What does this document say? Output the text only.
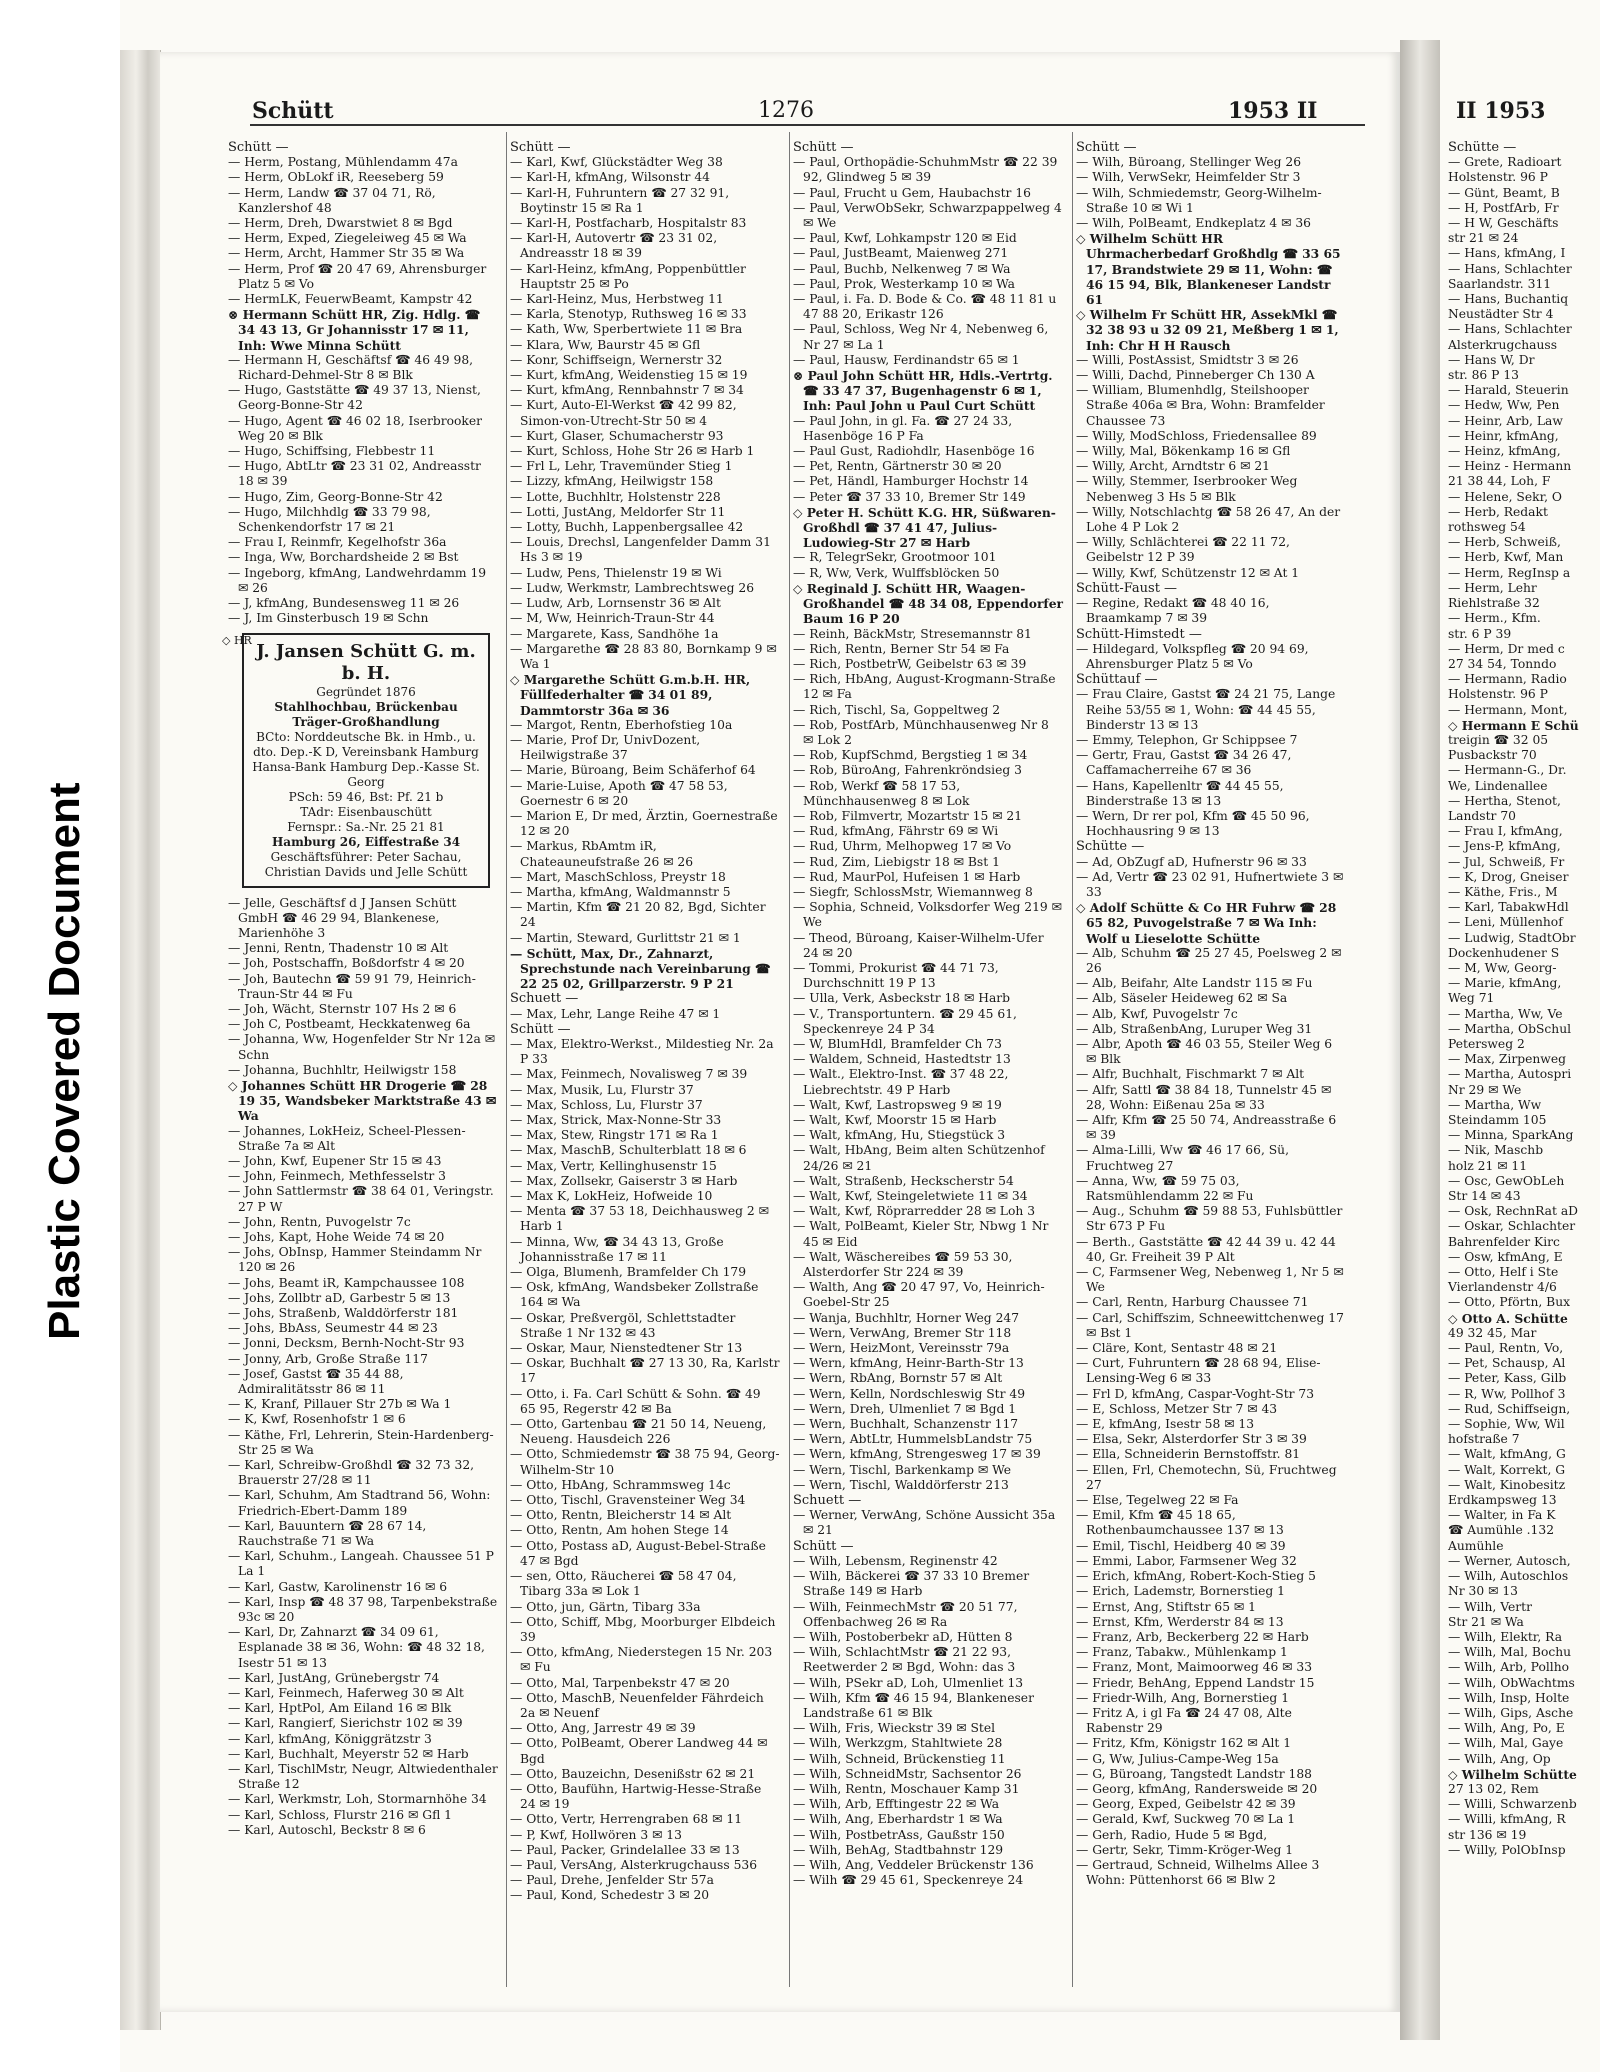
Plastic Covered Document
Schütt	1276	1953 II
Schütt —
— Herm, Postang, Mühlendamm 47a
— Herm, ObLokf iR, Reeseberg 59
— Herm, Landw ☎ 37 04 71, Rö, Kanzlershof 48
— Herm, Dreh, Dwarstwiet 8 ✉ Bgd
— Herm, Exped, Ziegeleiweg 45 ✉ Wa
— Herm, Archt, Hammer Str 35 ✉ Wa
— Herm, Prof ☎ 20 47 69, Ahrensburger Platz 5 ✉ Vo
— HermLK, FeuerwBeamt, Kampstr 42
⊗ Hermann Schütt HR, Zig. Hdlg. ☎ 34 43 13, Gr Johannisstr 17 ✉ 11, Inh: Wwe Minna Schütt
— Hermann H, Geschäftsf ☎ 46 49 98, Richard-Dehmel-Str 8 ✉ Blk
— Hugo, Gaststätte ☎ 49 37 13, Nienst, Georg-Bonne-Str 42
— Hugo, Agent ☎ 46 02 18, Iserbrooker Weg 20 ✉ Blk
— Hugo, Schiffsing, Flebbestr 11
— Hugo, AbtLtr ☎ 23 31 02, Andreasstr 18 ✉ 39
— Hugo, Zim, Georg-Bonne-Str 42
— Hugo, Milchhdlg ☎ 33 79 98, Schenkendorfstr 17 ✉ 21
— Frau I, Reinmfr, Kegelhofstr 36a
— Inga, Ww, Borchardsheide 2 ✉ Bst
— Ingeborg, kfmAng, Landwehrdamm 19 ✉ 26
— J, kfmAng, Bundesensweg 11 ✉ 26
— J, Im Ginsterbusch 19 ✉ Schn
◇ HR
J. Jansen Schütt G. m. b. H.
Gegründet 1876
Stahlhochbau, Brückenbau
Träger-Großhandlung
BCto: Norddeutsche Bk. in Hmb., u. dto. Dep.-K D, Vereinsbank Hamburg
Hansa-Bank Hamburg Dep.-Kasse St. Georg
PSch: 59 46, Bst: Pf. 21 b
TAdr: Eisenbauschütt
Fernspr.: Sa.-Nr. 25 21 81
Hamburg 26, Eiffestraße 34
Geschäftsführer: Peter Sachau, Christian Davids und Jelle Schütt
— Jelle, Geschäftsf d J Jansen Schütt GmbH ☎ 46 29 94, Blankenese, Marienhöhe 3
— Jenni, Rentn, Thadenstr 10 ✉ Alt
— Joh, Postschaffn, Boßdorfstr 4 ✉ 20
— Joh, Bautechn ☎ 59 91 79, Heinrich-Traun-Str 44 ✉ Fu
— Joh, Wächt, Sternstr 107 Hs 2 ✉ 6
— Joh C, Postbeamt, Heckkatenweg 6a
— Johanna, Ww, Hogenfelder Str Nr 12a ✉ Schn
— Johanna, Buchhltr, Heilwigstr 158
◇ Johannes Schütt HR Drogerie ☎ 28 19 35, Wandsbeker Marktstraße 43 ✉ Wa
— Johannes, LokHeiz, Scheel-Plessen-Straße 7a ✉ Alt
— John, Kwf, Eupener Str 15 ✉ 43
— John, Feinmech, Methfesselstr 3
— John Sattlermstr ☎ 38 64 01, Veringstr. 27 P W
— John, Rentn, Puvogelstr 7c
— Johs, Kapt, Hohe Weide 74 ✉ 20
— Johs, ObInsp, Hammer Steindamm Nr 120 ✉ 26
— Johs, Beamt iR, Kampchaussee 108
— Johs, Zollbtr aD, Garbestr 5 ✉ 13
— Johs, Straßenb, Walddörferstr 181
— Johs, BbAss, Seumestr 44 ✉ 23
— Jonni, Decksm, Bernh-Nocht-Str 93
— Jonny, Arb, Große Straße 117
— Josef, Gastst ☎ 35 44 88, Admiralitätsstr 86 ✉ 11
— K, Kranf, Pillauer Str 27b ✉ Wa 1
— K, Kwf, Rosenhofstr 1 ✉ 6
— Käthe, Frl, Lehrerin, Stein-Hardenberg-Str 25 ✉ Wa
— Karl, Schreibw-Großhdl ☎ 32 73 32, Brauerstr 27/28 ✉ 11
— Karl, Schuhm, Am Stadtrand 56, Wohn: Friedrich-Ebert-Damm 189
— Karl, Bauuntern ☎ 28 67 14, Rauchstraße 71 ✉ Wa
— Karl, Schuhm., Langeah. Chaussee 51 P La 1
— Karl, Gastw, Karolinenstr 16 ✉ 6
— Karl, Insp ☎ 48 37 98, Tarpenbekstraße 93c ✉ 20
— Karl, Dr, Zahnarzt ☎ 34 09 61, Esplanade 38 ✉ 36, Wohn: ☎ 48 32 18, Isestr 51 ✉ 13
— Karl, JustAng, Grünebergstr 74
— Karl, Feinmech, Haferweg 30 ✉ Alt
— Karl, HptPol, Am Eiland 16 ✉ Blk
— Karl, Rangierf, Sierichstr 102 ✉ 39
— Karl, kfmAng, Königgrätzstr 3
— Karl, Buchhalt, Meyerstr 52 ✉ Harb
— Karl, TischlMstr, Neugr, Altwiedenthaler Straße 12
— Karl, Werkmstr, Loh, Stormarnhöhe 34
— Karl, Schloss, Flurstr 216 ✉ Gfl 1
— Karl, Autoschl, Beckstr 8 ✉ 6
Schütt —
— Karl, Kwf, Glückstädter Weg 38
— Karl-H, kfmAng, Wilsonstr 44
— Karl-H, Fuhruntern ☎ 27 32 91, Boytinstr 15 ✉ Ra 1
— Karl-H, Postfacharb, Hospitalstr 83
— Karl-H, Autovertr ☎ 23 31 02, Andreasstr 18 ✉ 39
— Karl-Heinz, kfmAng, Poppenbüttler Hauptstr 25 ✉ Po
— Karl-Heinz, Mus, Herbstweg 11
— Karla, Stenotyp, Ruthsweg 16 ✉ 33
— Kath, Ww, Sperbertwiete 11 ✉ Bra
— Klara, Ww, Baurstr 45 ✉ Gfl
— Konr, Schiffseign, Wernerstr 32
— Kurt, kfmAng, Weidenstieg 15 ✉ 19
— Kurt, kfmAng, Rennbahnstr 7 ✉ 34
— Kurt, Auto-El-Werkst ☎ 42 99 82, Simon-von-Utrecht-Str 50 ✉ 4
— Kurt, Glaser, Schumacherstr 93
— Kurt, Schloss, Hohe Str 26 ✉ Harb 1
— Frl L, Lehr, Travemünder Stieg 1
— Lizzy, kfmAng, Heilwigstr 158
— Lotte, Buchhltr, Holstenstr 228
— Lotti, JustAng, Meldorfer Str 11
— Lotty, Buchh, Lappenbergsallee 42
— Louis, Drechsl, Langenfelder Damm 31 Hs 3 ✉ 19
— Ludw, Pens, Thielenstr 19 ✉ Wi
— Ludw, Werkmstr, Lambrechtsweg 26
— Ludw, Arb, Lornsenstr 36 ✉ Alt
— M, Ww, Heinrich-Traun-Str 44
— Margarete, Kass, Sandhöhe 1a
— Margarethe ☎ 28 83 80, Bornkamp 9 ✉ Wa 1
◇ Margarethe Schütt G.m.b.H. HR, Füllfederhalter ☎ 34 01 89, Dammtorstr 36a ✉ 36
— Margot, Rentn, Eberhofstieg 10a
— Marie, Prof Dr, UnivDozent, Heilwigstraße 37
— Marie, Büroang, Beim Schäferhof 64
— Marie-Luise, Apoth ☎ 47 58 53, Goernestr 6 ✉ 20
— Marion E, Dr med, Ärztin, Goernestraße 12 ✉ 20
— Markus, RbAmtm iR, Chateauneufstraße 26 ✉ 26
— Mart, MaschSchloss, Preystr 18
— Martha, kfmAng, Waldmannstr 5
— Martin, Kfm ☎ 21 20 82, Bgd, Sichter 24
— Martin, Steward, Gurlittstr 21 ✉ 1
— Schütt, Max, Dr., Zahnarzt, Sprechstunde nach Vereinbarung ☎ 22 25 02, Grillparzerstr. 9 P 21
Schuett —
— Max, Lehr, Lange Reihe 47 ✉ 1
Schütt —
— Max, Elektro-Werkst., Mildestieg Nr. 2a P 33
— Max, Feinmech, Novalisweg 7 ✉ 39
— Max, Musik, Lu, Flurstr 37
— Max, Schloss, Lu, Flurstr 37
— Max, Strick, Max-Nonne-Str 33
— Max, Stew, Ringstr 171 ✉ Ra 1
— Max, MaschB, Schulterblatt 18 ✉ 6
— Max, Vertr, Kellinghusenstr 15
— Max, Zollsekr, Gaiserstr 3 ✉ Harb
— Max K, LokHeiz, Hofweide 10
— Menta ☎ 37 53 18, Deichhausweg 2 ✉ Harb 1
— Minna, Ww, ☎ 34 43 13, Große Johannisstraße 17 ✉ 11
— Olga, Blumenh, Bramfelder Ch 179
— Osk, kfmAng, Wandsbeker Zollstraße 164 ✉ Wa
— Oskar, Preßvergöl, Schlettstadter Straße 1 Nr 132 ✉ 43
— Oskar, Maur, Nienstedtener Str 13
— Oskar, Buchhalt ☎ 27 13 30, Ra, Karlstr 17
— Otto, i. Fa. Carl Schütt & Sohn. ☎ 49 65 95, Regerstr 42 ✉ Ba
— Otto, Gartenbau ☎ 21 50 14, Neueng, Neueng. Hausdeich 226
— Otto, Schmiedemstr ☎ 38 75 94, Georg-Wilhelm-Str 10
— Otto, HbAng, Schrammsweg 14c
— Otto, Tischl, Gravensteiner Weg 34
— Otto, Rentn, Bleicherstr 14 ✉ Alt
— Otto, Rentn, Am hohen Stege 14
— Otto, Postass aD, August-Bebel-Straße 47 ✉ Bgd
— sen, Otto, Räucherei ☎ 58 47 04, Tibarg 33a ✉ Lok 1
— Otto, jun, Gärtn, Tibarg 33a
— Otto, Schiff, Mbg, Moorburger Elbdeich 39
— Otto, kfmAng, Niederstegen 15 Nr. 203 ✉ Fu
— Otto, Mal, Tarpenbekstr 47 ✉ 20
— Otto, MaschB, Neuenfelder Fährdeich 2a ✉ Neuenf
— Otto, Ang, Jarrestr 49 ✉ 39
— Otto, PolBeamt, Oberer Landweg 44 ✉ Bgd
— Otto, Bauzeichn, Desenißstr 62 ✉ 21
— Otto, Baufühn, Hartwig-Hesse-Straße 24 ✉ 19
— Otto, Vertr, Herrengraben 68 ✉ 11
— P, Kwf, Hollwören 3 ✉ 13
— Paul, Packer, Grindelallee 33 ✉ 13
— Paul, VersAng, Alsterkrugchauss 536
— Paul, Drehe, Jenfelder Str 57a
— Paul, Kond, Schedestr 3 ✉ 20
Schütt —
— Paul, Orthopädie-SchuhmMstr ☎ 22 39 92, Glindweg 5 ✉ 39
— Paul, Frucht u Gem, Haubachstr 16
— Paul, VerwObSekr, Schwarzpappelweg 4 ✉ We
— Paul, Kwf, Lohkampstr 120 ✉ Eid
— Paul, JustBeamt, Maienweg 271
— Paul, Buchb, Nelkenweg 7 ✉ Wa
— Paul, Prok, Westerkamp 10 ✉ Wa
— Paul, i. Fa. D. Bode & Co. ☎ 48 11 81 u 47 88 20, Erikastr 126
— Paul, Schloss, Weg Nr 4, Nebenweg 6, Nr 27 ✉ La 1
— Paul, Hausw, Ferdinandstr 65 ✉ 1
⊗ Paul John Schütt HR, Hdls.-Vertrtg. ☎ 33 47 37, Bugenhagenstr 6 ✉ 1, Inh: Paul John u Paul Curt Schütt
— Paul John, in gl. Fa. ☎ 27 24 33, Hasenböge 16 P Fa
— Paul Gust, Radiohdlr, Hasenböge 16
— Pet, Rentn, Gärtnerstr 30 ✉ 20
— Pet, Händl, Hamburger Hochstr 14
— Peter ☎ 37 33 10, Bremer Str 149
◇ Peter H. Schütt K.G. HR, Süßwaren-Großhdl ☎ 37 41 47, Julius-Ludowieg-Str 27 ✉ Harb
— R, TelegrSekr, Grootmoor 101
— R, Ww, Verk, Wulffsblöcken 50
◇ Reginald J. Schütt HR, Waagen-Großhandel ☎ 48 34 08, Eppendorfer Baum 16 P 20
— Reinh, BäckMstr, Stresemannstr 81
— Rich, Rentn, Berner Str 54 ✉ Fa
— Rich, PostbetrW, Geibelstr 63 ✉ 39
— Rich, HbAng, August-Krogmann-Straße 12 ✉ Fa
— Rich, Tischl, Sa, Goppeltweg 2
— Rob, PostfArb, Münchhausenweg Nr 8 ✉ Lok 2
— Rob, KupfSchmd, Bergstieg 1 ✉ 34
— Rob, BüroAng, Fahrenkröndsieg 3
— Rob, Werkf ☎ 58 17 53, Münchhausenweg 8 ✉ Lok
— Rob, Filmvertr, Mozartstr 15 ✉ 21
— Rud, kfmAng, Fährstr 69 ✉ Wi
— Rud, Uhrm, Melhopweg 17 ✉ Vo
— Rud, Zim, Liebigstr 18 ✉ Bst 1
— Rud, MaurPol, Hufeisen 1 ✉ Harb
— Siegfr, SchlossMstr, Wiemannweg 8
— Sophia, Schneid, Volksdorfer Weg 219 ✉ We
— Theod, Büroang, Kaiser-Wilhelm-Ufer 24 ✉ 20
— Tommi, Prokurist ☎ 44 71 73, Durchschnitt 19 P 13
— Ulla, Verk, Asbeckstr 18 ✉ Harb
— V., Transportuntern. ☎ 29 45 61, Speckenreye 24 P 34
— W, BlumHdl, Bramfelder Ch 73
— Waldem, Schneid, Hastedtstr 13
— Walt., Elektro-Inst. ☎ 37 48 22, Liebrechtstr. 49 P Harb
— Walt, Kwf, Lastropsweg 9 ✉ 19
— Walt, Kwf, Moorstr 15 ✉ Harb
— Walt, kfmAng, Hu, Stiegstück 3
— Walt, HbAng, Beim alten Schützenhof 24/26 ✉ 21
— Walt, Straßenb, Heckscherstr 54
— Walt, Kwf, Steingeletwiete 11 ✉ 34
— Walt, Kwf, Röprarredder 28 ✉ Loh 3
— Walt, PolBeamt, Kieler Str, Nbwg 1 Nr 45 ✉ Eid
— Walt, Wäschereibes ☎ 59 53 30, Alsterdorfer Str 224 ✉ 39
— Walth, Ang ☎ 20 47 97, Vo, Heinrich-Goebel-Str 25
— Wanja, Buchhltr, Horner Weg 247
— Wern, VerwAng, Bremer Str 118
— Wern, HeizMont, Vereinsstr 79a
— Wern, kfmAng, Heinr-Barth-Str 13
— Wern, RbAng, Bornstr 57 ✉ Alt
— Wern, Kelln, Nordschleswig Str 49
— Wern, Dreh, Ulmenliet 7 ✉ Bgd 1
— Wern, Buchhalt, Schanzenstr 117
— Wern, AbtLtr, HummelsbLandstr 75
— Wern, kfmAng, Strengesweg 17 ✉ 39
— Wern, Tischl, Barkenkamp ✉ We
— Wern, Tischl, Walddörferstr 213
Schuett —
— Werner, VerwAng, Schöne Aussicht 35a ✉ 21
Schütt —
— Wilh, Lebensm, Reginenstr 42
— Wilh, Bäckerei ☎ 37 33 10 Bremer Straße 149 ✉ Harb
— Wilh, FeinmechMstr ☎ 20 51 77, Offenbachweg 26 ✉ Ra
— Wilh, Postoberbekr aD, Hütten 8
— Wilh, SchlachtMstr ☎ 21 22 93, Reetwerder 2 ✉ Bgd, Wohn: das 3
— Wilh, PSekr aD, Loh, Ulmenliet 13
— Wilh, Kfm ☎ 46 15 94, Blankeneser Landstraße 61 ✉ Blk
— Wilh, Fris, Wieckstr 39 ✉ Stel
— Wilh, Werkzgm, Stahltwiete 28
— Wilh, Schneid, Brückenstieg 11
— Wilh, SchneidMstr, Sachsentor 26
— Wilh, Rentn, Moschauer Kamp 31
— Wilh, Arb, Efftingestr 22 ✉ Wa
— Wilh, Ang, Eberhardstr 1 ✉ Wa
— Wilh, PostbetrAss, Gaußstr 150
— Wilh, BehAg, Stadtbahnstr 129
— Wilh, Ang, Veddeler Brückenstr 136
— Wilh ☎ 29 45 61, Speckenreye 24
Schütt —
— Wilh, Büroang, Stellinger Weg 26
— Wilh, VerwSekr, Heimfelder Str 3
— Wilh, Schmiedemstr, Georg-Wilhelm-Straße 10 ✉ Wi 1
— Wilh, PolBeamt, Endkeplatz 4 ✉ 36
◇ Wilhelm Schütt HR Uhrmacherbedarf Großhdlg ☎ 33 65 17, Brandstwiete 29 ✉ 11, Wohn: ☎ 46 15 94, Blk, Blankeneser Landstr 61
◇ Wilhelm Fr Schütt HR, AssekMkl ☎ 32 38 93 u 32 09 21, Meßberg 1 ✉ 1, Inh: Chr H H Rausch
— Willi, PostAssist, Smidtstr 3 ✉ 26
— Willi, Dachd, Pinneberger Ch 130 A
— William, Blumenhdlg, Steilshooper Straße 406a ✉ Bra, Wohn: Bramfelder Chaussee 73
— Willy, ModSchloss, Friedensallee 89
— Willy, Mal, Bökenkamp 16 ✉ Gfl
— Willy, Archt, Arndtstr 6 ✉ 21
— Willy, Stemmer, Iserbrooker Weg Nebenweg 3 Hs 5 ✉ Blk
— Willy, Notschlachtg ☎ 58 26 47, An der Lohe 4 P Lok 2
— Willy, Schlächterei ☎ 22 11 72, Geibelstr 12 P 39
— Willy, Kwf, Schützenstr 12 ✉ At 1
Schütt-Faust —
— Regine, Redakt ☎ 48 40 16, Braamkamp 7 ✉ 39
Schütt-Himstedt —
— Hildegard, Volkspfleg ☎ 20 94 69, Ahrensburger Platz 5 ✉ Vo
Schüttauf —
— Frau Claire, Gastst ☎ 24 21 75, Lange Reihe 53/55 ✉ 1, Wohn: ☎ 44 45 55, Binderstr 13 ✉ 13
— Emmy, Telephon, Gr Schippsee 7
— Gertr, Frau, Gastst ☎ 34 26 47, Caffamacherreihe 67 ✉ 36
— Hans, Kapellenltr ☎ 44 45 55, Binderstraße 13 ✉ 13
— Wern, Dr rer pol, Kfm ☎ 45 50 96, Hochhausring 9 ✉ 13
Schütte —
— Ad, ObZugf aD, Hufnerstr 96 ✉ 33
— Ad, Vertr ☎ 23 02 91, Hufnertwiete 3 ✉ 33
◇ Adolf Schütte & Co HR Fuhrw ☎ 28 65 82, Puvogelstraße 7 ✉ Wa Inh: Wolf u Lieselotte Schütte
— Alb, Schuhm ☎ 25 27 45, Poelsweg 2 ✉ 26
— Alb, Beifahr, Alte Landstr 115 ✉ Fu
— Alb, Säseler Heideweg 62 ✉ Sa
— Alb, Kwf, Puvogelstr 7c
— Alb, StraßenbAng, Luruper Weg 31
— Albr, Apoth ☎ 46 03 55, Steiler Weg 6 ✉ Blk
— Alfr, Buchhalt, Fischmarkt 7 ✉ Alt
— Alfr, Sattl ☎ 38 84 18, Tunnelstr 45 ✉ 28, Wohn: Eißenau 25a ✉ 33
— Alfr, Kfm ☎ 25 50 74, Andreasstraße 6 ✉ 39
— Alma-Lilli, Ww ☎ 46 17 66, Sü, Fruchtweg 27
— Anna, Ww, ☎ 59 75 03, Ratsmühlendamm 22 ✉ Fu
— Aug., Schuhm ☎ 59 88 53, Fuhlsbüttler Str 673 P Fu
— Berth., Gaststätte ☎ 42 44 39 u. 42 44 40, Gr. Freiheit 39 P Alt
— C, Farmsener Weg, Nebenweg 1, Nr 5 ✉ We
— Carl, Rentn, Harburg Chaussee 71
— Carl, Schiffszim, Schneewittchenweg 17 ✉ Bst 1
— Cläre, Kont, Sentastr 48 ✉ 21
— Curt, Fuhruntern ☎ 28 68 94, Elise-Lensing-Weg 6 ✉ 33
— Frl D, kfmAng, Caspar-Voght-Str 73
— E, Schloss, Metzer Str 7 ✉ 43
— E, kfmAng, Isestr 58 ✉ 13
— Elsa, Sekr, Alsterdorfer Str 3 ✉ 39
— Ella, Schneiderin Bernstoffstr. 81
— Ellen, Frl, Chemotechn, Sü, Fruchtweg 27
— Else, Tegelweg 22 ✉ Fa
— Emil, Kfm ☎ 45 18 65, Rothenbaumchaussee 137 ✉ 13
— Emil, Tischl, Heidberg 40 ✉ 39
— Emmi, Labor, Farmsener Weg 32
— Erich, kfmAng, Robert-Koch-Stieg 5
— Erich, Lademstr, Bornerstieg 1
— Ernst, Ang, Stiftstr 65 ✉ 1
— Ernst, Kfm, Werderstr 84 ✉ 13
— Franz, Arb, Beckerberg 22 ✉ Harb
— Franz, Tabakw., Mühlenkamp 1
— Franz, Mont, Maimoorweg 46 ✉ 33
— Friedr, BehAng, Eppend Landstr 15
— Friedr-Wilh, Ang, Bornerstieg 1
— Fritz A, i gl Fa ☎ 24 47 08, Alte Rabenstr 29
— Fritz, Kfm, Königstr 162 ✉ Alt 1
— G, Ww, Julius-Campe-Weg 15a
— G, Büroang, Tangstedt Landstr 188
— Georg, kfmAng, Randersweide ✉ 20
— Georg, Exped, Geibelstr 42 ✉ 39
— Gerald, Kwf, Suckweg 70 ✉ La 1
— Gerh, Radio, Hude 5 ✉ Bgd,
— Gertr, Sekr, Timm-Kröger-Weg 1
— Gertraud, Schneid, Wilhelms Allee 3 Wohn: Püttenhorst 66 ✉ Blw 2
II 1953
Schütte —
— Grete, Radioart
Holstenstr. 96 P
— Günt, Beamt, B
— H, PostfArb, Fr
— H W, Geschäfts
str 21 ✉ 24
— Hans, kfmAng, I
— Hans, Schlachter
Saarlandstr. 311
— Hans, Buchantiq
Neustädter Str 4
— Hans, Schlachter
Alsterkrugchauss
— Hans W, Dr
str. 86 P 13
— Harald, Steuerin
— Hedw, Ww, Pen
— Heinr, Arb, Law
— Heinr, kfmAng,
— Heinz, kfmAng,
— Heinz - Hermann
21 38 44, Loh, F
— Helene, Sekr, O
— Herb, Redakt
rothsweg 54
— Herb, Schweiß,
— Herb, Kwf, Man
— Herm, RegInsp a
— Herm, Lehr
Riehlstraße 32
— Herm., Kfm.
str. 6 P 39
— Herm, Dr med c
27 34 54, Tonndo
— Hermann, Radio
Holstenstr. 96 P
— Hermann, Mont,
◇ Hermann E Schü
treigin ☎ 32 05
Pusbackstr 70
— Hermann-G., Dr.
We, Lindenallee
— Hertha, Stenot,
Landstr 70
— Frau I, kfmAng,
— Jens-P, kfmAng,
— Jul, Schweiß, Fr
— K, Drog, Gneiser
— Käthe, Fris., M
— Karl, TabakwHdl
— Leni, Müllenhof
— Ludwig, StadtObr
Dockenhudener S
— M, Ww, Georg-
— Marie, kfmAng,
Weg 71
— Martha, Ww, Ve
— Martha, ObSchul
Petersweg 2
— Max, Zirpenweg
— Martha, Autospri
Nr 29 ✉ We
— Martha, Ww
Steindamm 105
— Minna, SparkAng
— Nik, Maschb
holz 21 ✉ 11
— Osc, GewObLeh
Str 14 ✉ 43
— Osk, RechnRat aD
— Oskar, Schlachter
Bahrenfelder Kirc
— Osw, kfmAng, E
— Otto, Helf i Ste
Vierlandenstr 4/6
— Otto, Pförtn, Bux
◇ Otto A. Schütte
49 32 45, Mar
— Paul, Rentn, Vo,
— Pet, Schausp, Al
— Peter, Kass, Gilb
— R, Ww, Pollhof 3
— Rud, Schiffseign,
— Sophie, Ww, Wil
hofstraße 7
— Walt, kfmAng, G
— Walt, Korrekt, G
— Walt, Kinobesitz
Erdkampsweg 13
— Walter, in Fa K
☎ Aumühle .132
Aumühle
— Werner, Autosch,
— Wilh, Autoschlos
Nr 30 ✉ 13
— Wilh, Vertr
Str 21 ✉ Wa
— Wilh, Elektr, Ra
— Wilh, Mal, Bochu
— Wilh, Arb, Pollho
— Wilh, ObWachtms
— Wilh, Insp, Holte
— Wilh, Gips, Asche
— Wilh, Ang, Po, E
— Wilh, Mal, Gaye
— Wilh, Ang, Op
◇ Wilhelm Schütte
27 13 02, Rem
— Willi, Schwarzenb
— Willi, kfmAng, R
str 136 ✉ 19
— Willy, PolObInsp
